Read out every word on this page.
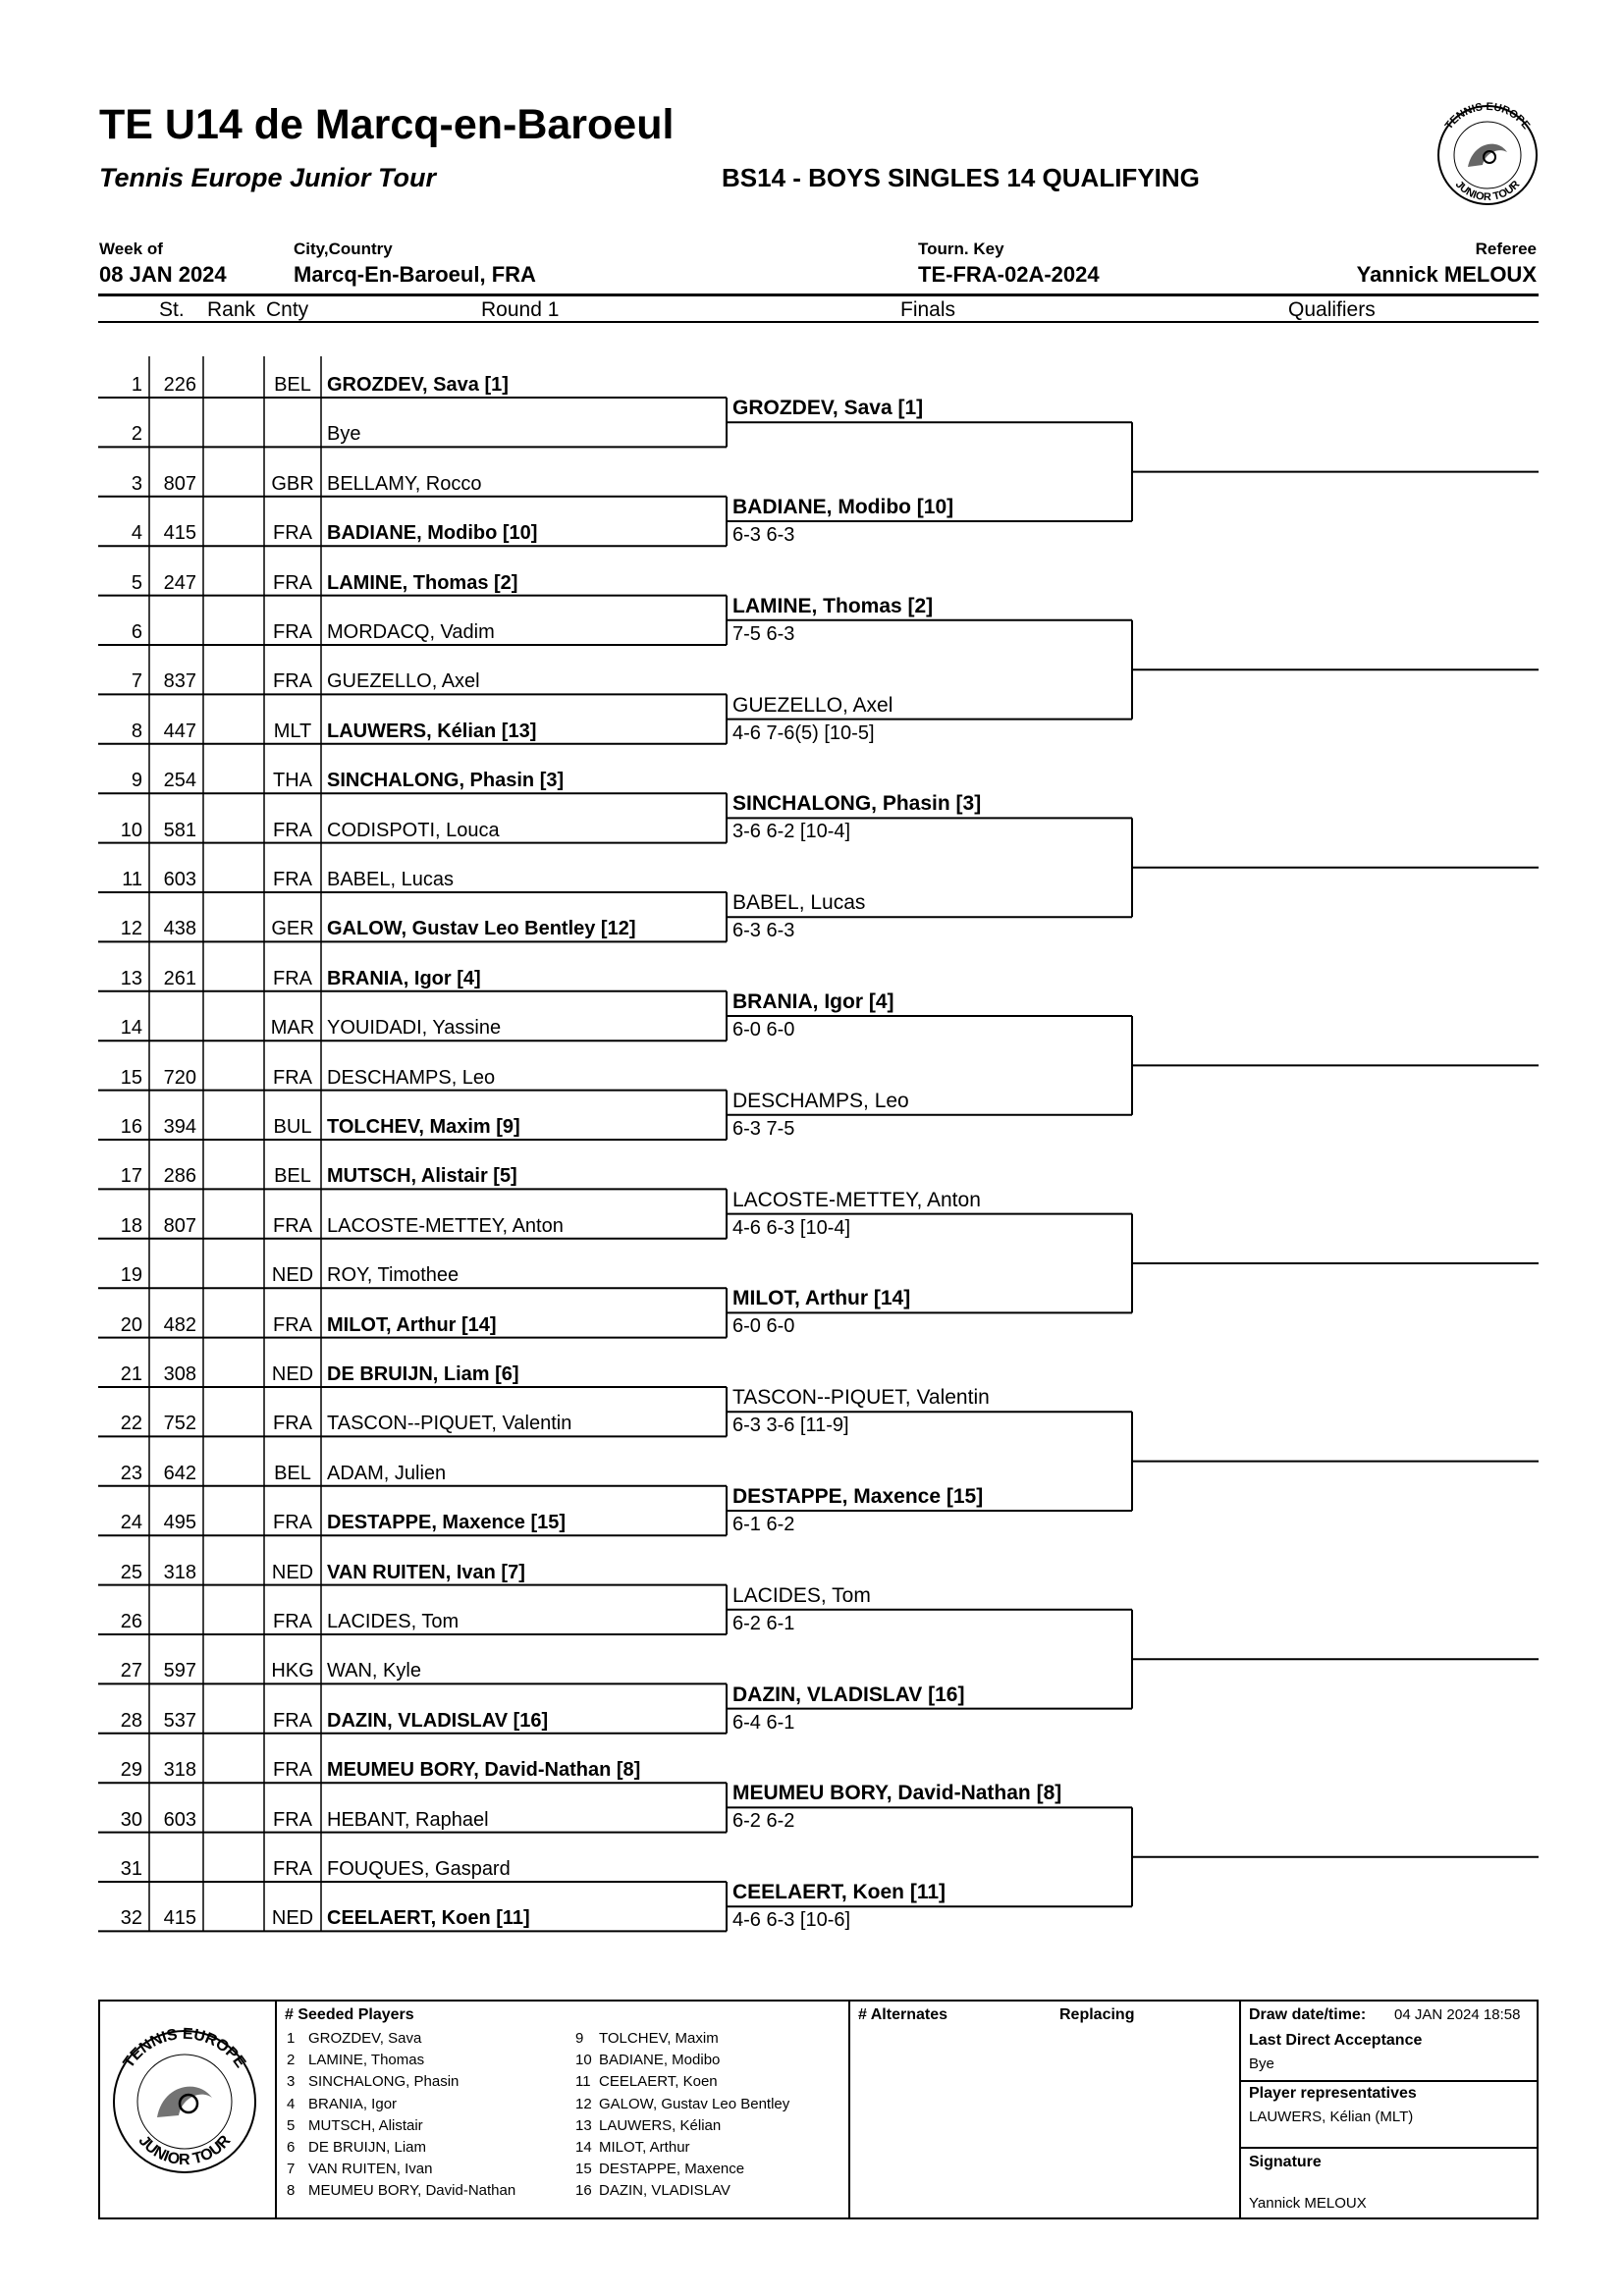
TE U14 de Marcq-en-Baroeul
Tennis Europe Junior Tour	BS14 - BOYS SINGLES 14 QUALIFYING
TENNIS EUROPE
JUNIOR TOUR
Week of
08 JAN 2024
City,Country
Marcq-En-Baroeul, FRA
Tourn. Key
TE-FRA-02A-2024
Referee
Yannick MELOUX
St. Rank Cnty	Round 1	Finals	Qualifiers
1	226	BEL GROZDEV, Sava [1]
2	Bye
3	807	GBR BELLAMY, Rocco
4	415	FRA BADIANE, Modibo [10]
5	247	FRA LAMINE, Thomas [2]
6	FRA MORDACQ, Vadim
7	837	FRA GUEZELLO, Axel
8	447	MLT LAUWERS, Kélian [13]
9	254	THA SINCHALONG, Phasin [3]
10	581	FRA CODISPOTI, Louca
11	603	FRA BABEL, Lucas
12	438	GER GALOW, Gustav Leo Bentley [12]
13	261	FRA BRANIA, Igor [4]
14	MAR YOUIDADI, Yassine
15	720	FRA DESCHAMPS, Leo
16	394	BUL TOLCHEV, Maxim [9]
17	286	BEL MUTSCH, Alistair [5]
18	807	FRA LACOSTE-METTEY, Anton
19	NED ROY, Timothee
20	482	FRA MILOT, Arthur [14]
21	308	NED DE BRUIJN, Liam [6]
22	752	FRA TASCON--PIQUET, Valentin
23	642	BEL ADAM, Julien
24	495	FRA DESTAPPE, Maxence [15]
25	318	NED VAN RUITEN, Ivan [7]
26	FRA LACIDES, Tom
27	597	HKG WAN, Kyle
28	537	FRA DAZIN, VLADISLAV [16]
29	318	FRA MEUMEU BORY, David-Nathan [8]
30	603	FRA HEBANT, Raphael
31	FRA FOUQUES, Gaspard
32	415	NED CEELAERT, Koen [11]
GROZDEV, Sava [1]
BADIANE, Modibo [10]
6-3 6-3
LAMINE, Thomas [2]
7-5 6-3
GUEZELLO, Axel
4-6 7-6(5) [10-5]
SINCHALONG, Phasin [3]
3-6 6-2 [10-4]
BABEL, Lucas
6-3 6-3
BRANIA, Igor [4]
6-0 6-0
DESCHAMPS, Leo
6-3 7-5
LACOSTE-METTEY, Anton
4-6 6-3 [10-4]
MILOT, Arthur [14]
6-0 6-0
TASCON--PIQUET, Valentin
6-3 3-6 [11-9]
DESTAPPE, Maxence [15]
6-1 6-2
LACIDES, Tom
6-2 6-1
DAZIN, VLADISLAV [16]
6-4 6-1
MEUMEU BORY, David-Nathan [8]
6-2 6-2
CEELAERT, Koen [11]
4-6 6-3 [10-6]
TENNIS EUROPE
JUNIOR TOUR
# Seeded Players
1 GROZDEV, Sava
2 LAMINE, Thomas
3 SINCHALONG, Phasin
4 BRANIA, Igor
5 MUTSCH, Alistair
6 DE BRUIJN, Liam
7 VAN RUITEN, Ivan
8 MEUMEU BORY, David-Nathan
9 TOLCHEV, Maxim
10 BADIANE, Modibo
11 CEELAERT, Koen
12 GALOW, Gustav Leo Bentley
13 LAUWERS, Kélian
14 MILOT, Arthur
15 DESTAPPE, Maxence
16 DAZIN, VLADISLAV
# Alternates	Replacing	Draw date/time: 04 JAN 2024 18:58
Last Direct Acceptance
Bye
Player representatives
LAUWERS, Kélian (MLT)
Signature
Yannick MELOUX
